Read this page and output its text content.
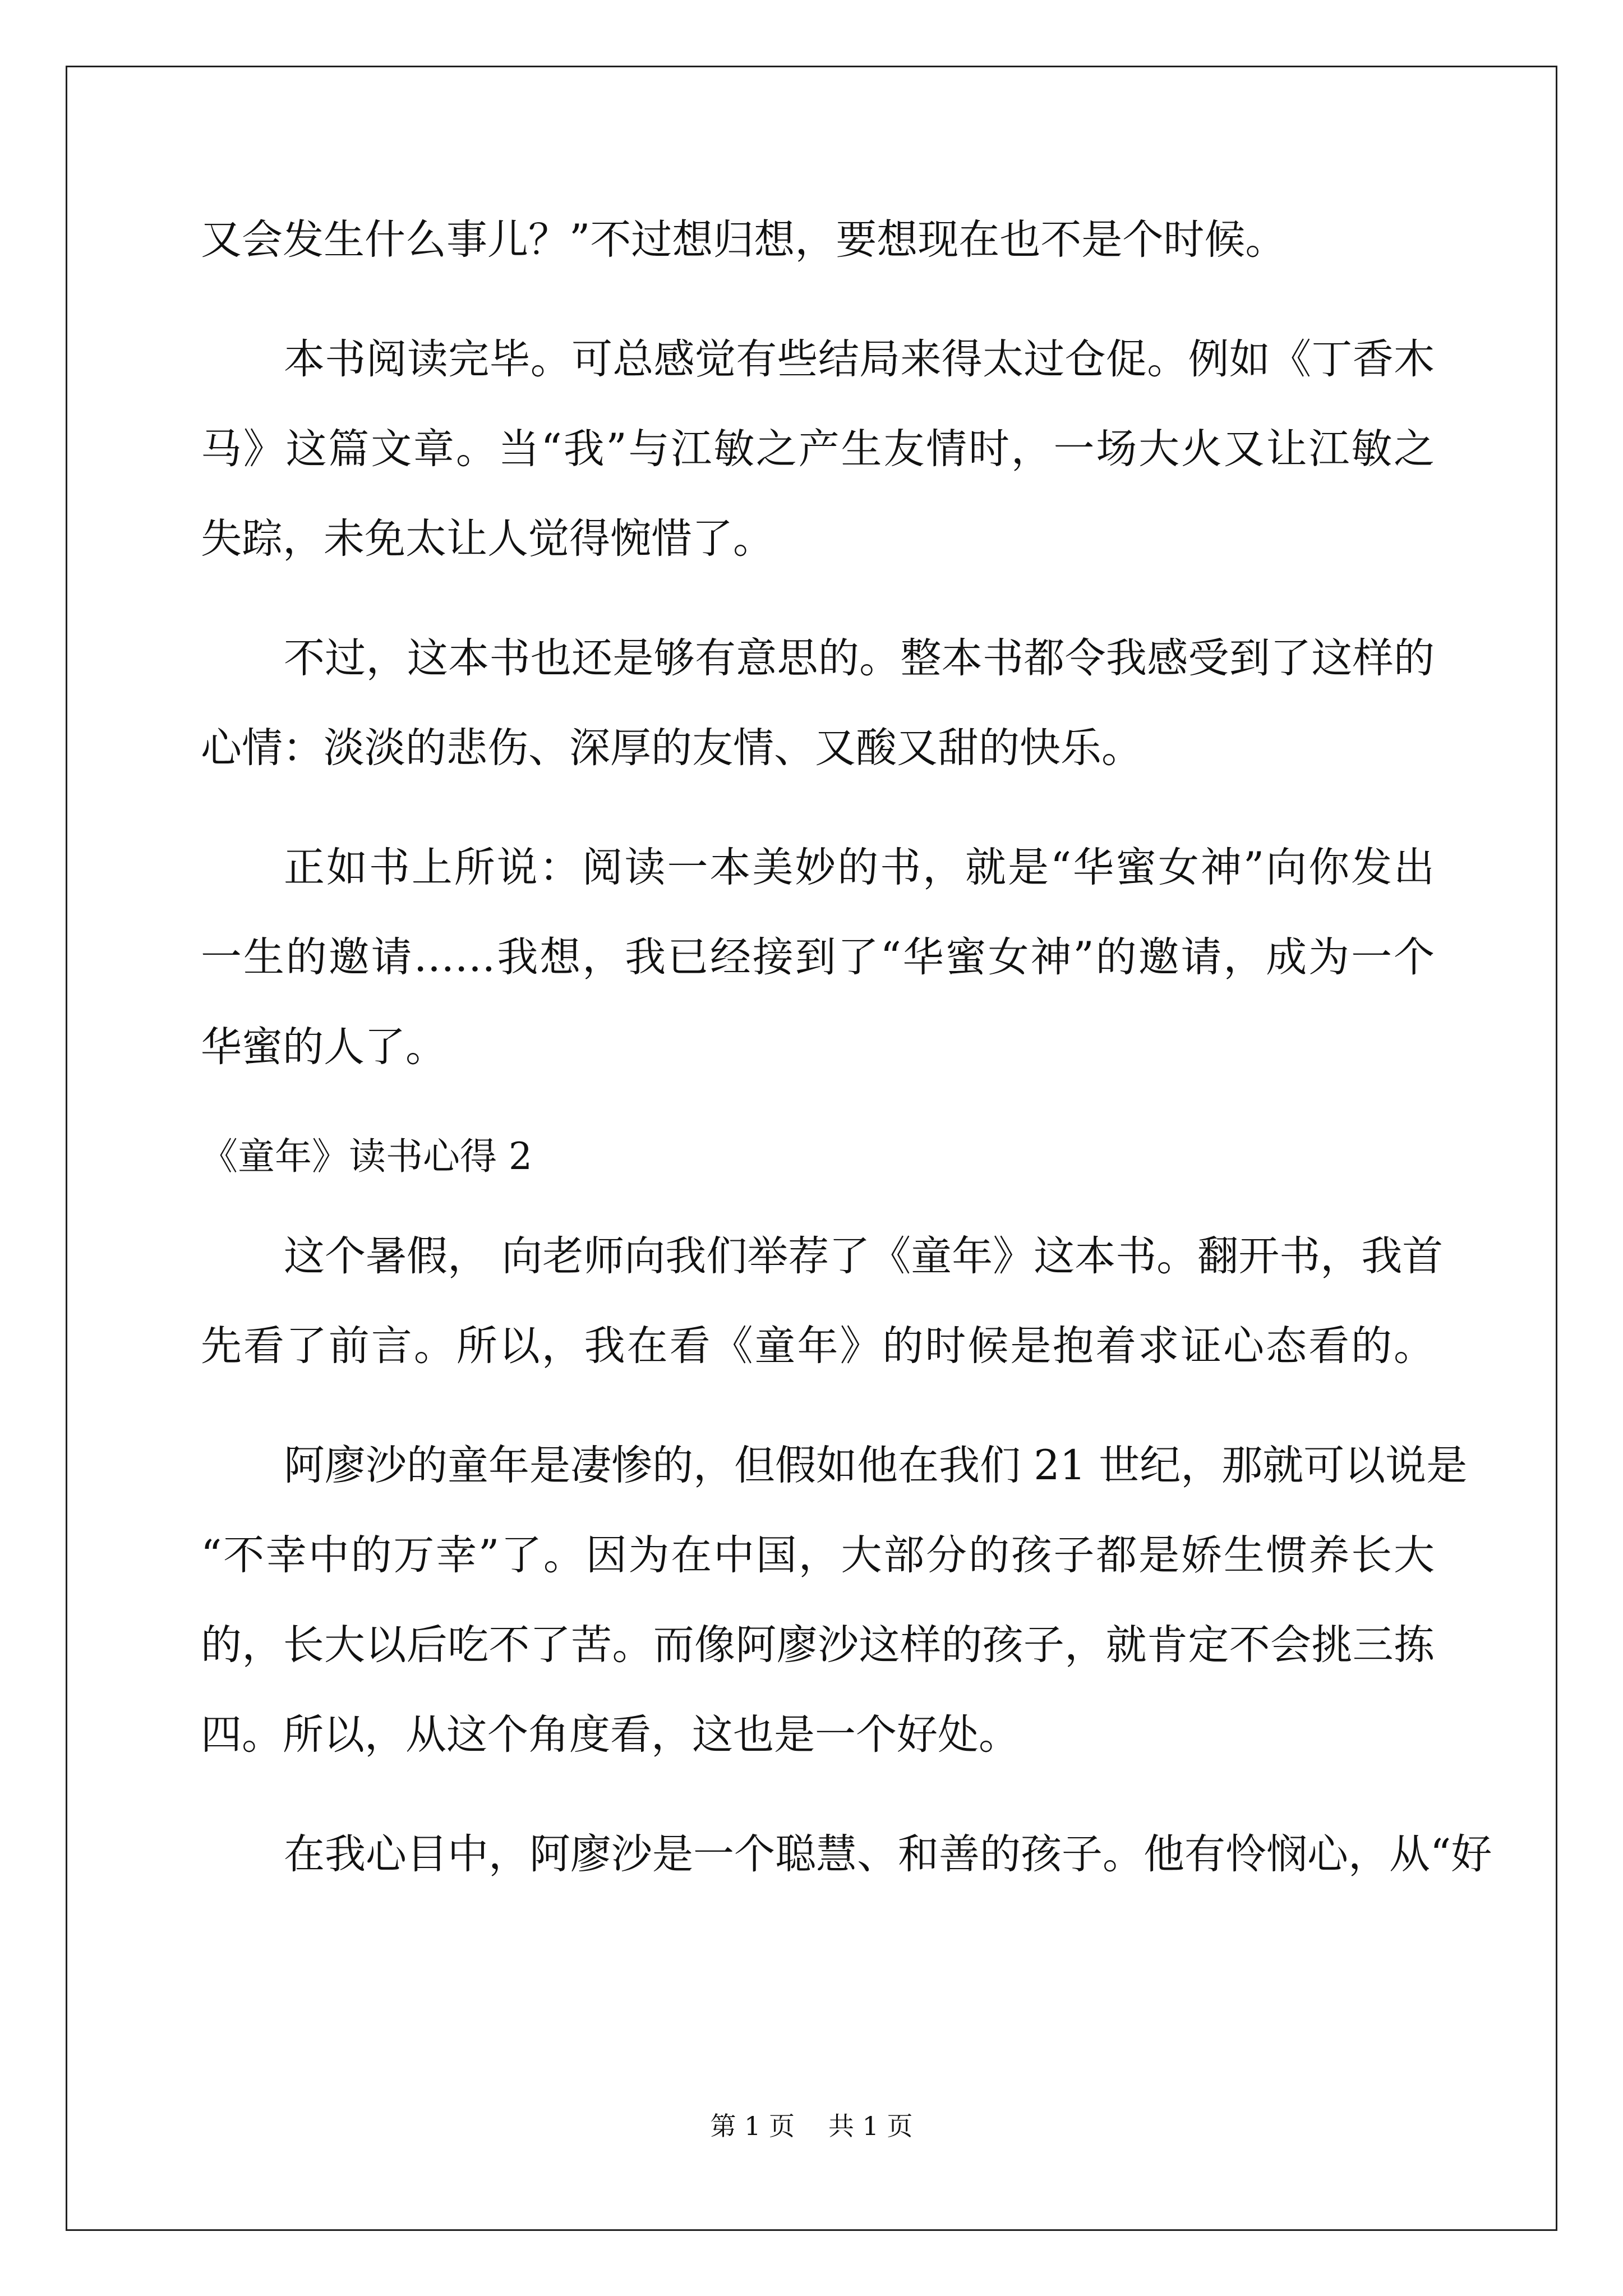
又会发生什么事儿？”不过想归想，要想现在也不是个时候。
本书阅读完毕。可总感觉有些结局来得太过仓促。例如《丁香木
马》这篇文章。当“我”与江敏之产生友情时，一场大火又让江敏之
失踪，未免太让人觉得惋惜了。
不过，这本书也还是够有意思的。整本书都令我感受到了这样的
心情：淡淡的悲伤、深厚的友情、又酸又甜的快乐。
正如书上所说：阅读一本美妙的书，就是“华蜜女神”向你发出
一生的邀请……我想，我已经接到了“华蜜女神”的邀请，成为一个
华蜜的人了。
《童年》读书心得 2
这个暑假， 向老师向我们举荐了《童年》这本书。翻开书，我首
先看了前言。所以，我在看《童年》的时候是抱着求证心态看的。
阿廖沙的童年是凄惨的，但假如他在我们 21 世纪，那就可以说是
“不幸中的万幸”了。因为在中国，大部分的孩子都是娇生惯养长大
的，长大以后吃不了苦。而像阿廖沙这样的孩子，就肯定不会挑三拣
四。所以，从这个角度看，这也是一个好处。
在我心目中，阿廖沙是一个聪慧、和善的孩子。他有怜悯心，从“好
第 1 页 共 1 页
